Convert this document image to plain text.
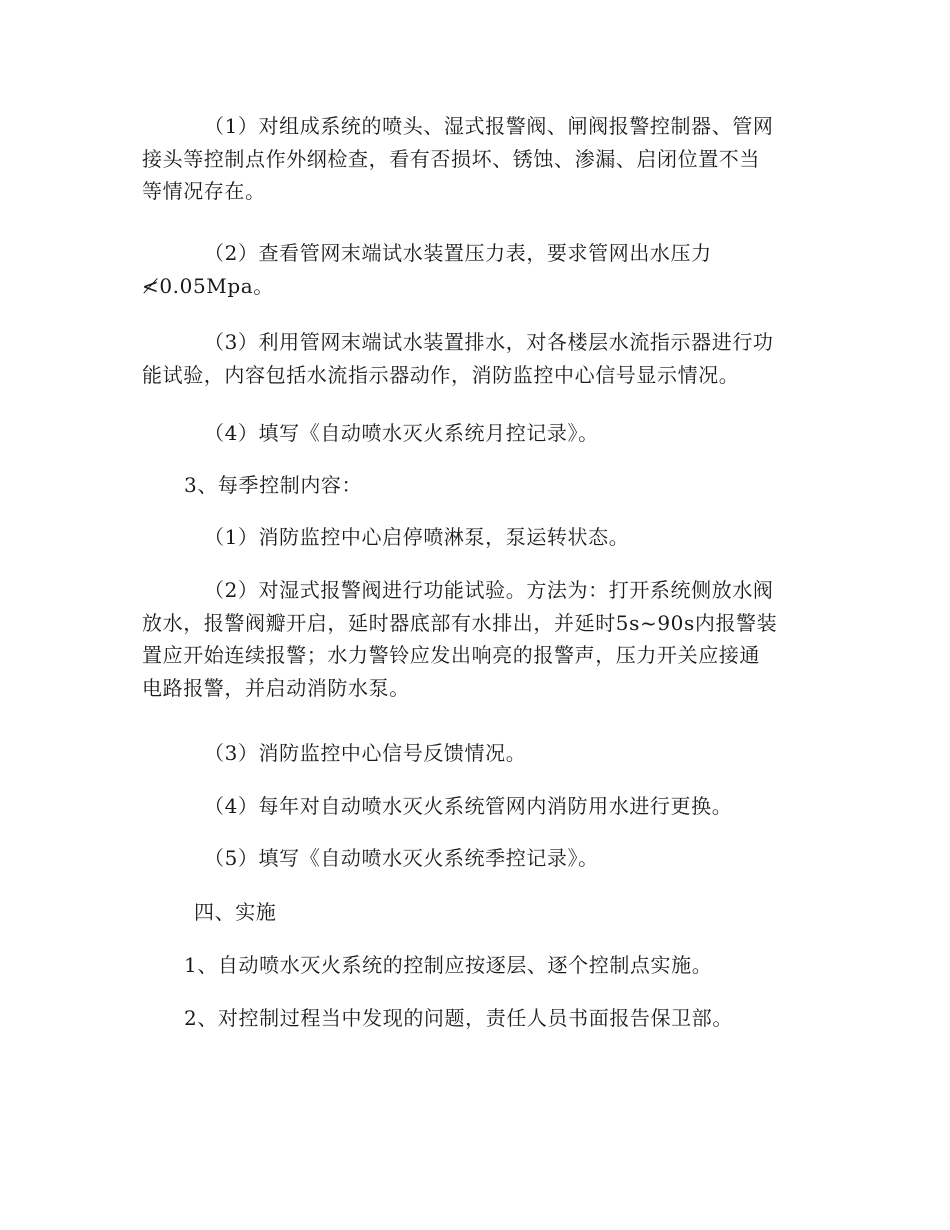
（1）对组成系统的喷头、湿式报警阀、闸阀报警控制器、管网
接头等控制点作外纲检查，看有否损坏、锈蚀、渗漏、启闭位置不当
等情况存在。

（2）查看管网末端试水装置压力表，要求管网出水压力
≮0.05Mpa。

（3）利用管网末端试水装置排水，对各楼层水流指示器进行功
能试验，内容包括水流指示器动作，消防监控中心信号显示情况。

（4）填写《自动喷水灭火系统月控记录》。

3、每季控制内容：

（1）消防监控中心启停喷淋泵，泵运转状态。

（2）对湿式报警阀进行功能试验。方法为：打开系统侧放水阀
放水，报警阀瓣开启，延时器底部有水排出，并延时5s~90s内报警装
置应开始连续报警；水力警铃应发出响亮的报警声，压力开关应接通
电路报警，并启动消防水泵。

（3）消防监控中心信号反馈情况。

（4）每年对自动喷水灭火系统管网内消防用水进行更换。

（5）填写《自动喷水灭火系统季控记录》。

四、实施

1、自动喷水灭火系统的控制应按逐层、逐个控制点实施。

2、对控制过程当中发现的问题，责任人员书面报告保卫部。
